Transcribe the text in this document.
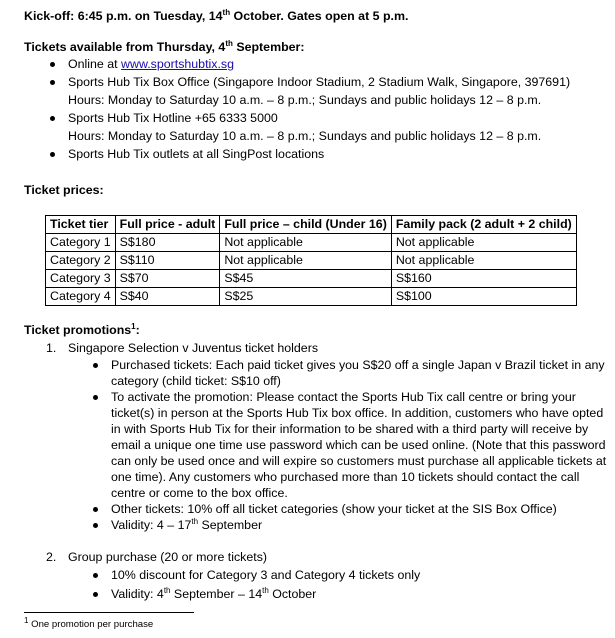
Kick-off: 6:45 p.m. on Tuesday, 14th October. Gates open at 5 p.m.
Tickets available from Thursday, 4th September:
Online at www.sportshubtix.sg
Sports Hub Tix Box Office (Singapore Indoor Stadium, 2 Stadium Walk, Singapore, 397691)
Hours: Monday to Saturday 10 a.m. – 8 p.m.; Sundays and public holidays 12 – 8 p.m.
Sports Hub Tix Hotline +65 6333 5000
Hours: Monday to Saturday 10 a.m. – 8 p.m.; Sundays and public holidays 12 – 8 p.m.
Sports Hub Tix outlets at all SingPost locations
Ticket prices:
Ticket tier	Full price - adult	Full price – child (Under 16)	Family pack (2 adult + 2 child)
Category 1	S$180	Not applicable	Not applicable
Category 2	S$110	Not applicable	Not applicable
Category 3	S$70	S$45	S$160
Category 4	S$40	S$25	S$100
Ticket promotions$^1$:
1. Singapore Selection v Juventus ticket holders
Purchased tickets: Each paid ticket gives you S$20 off a single Japan v Brazil ticket in any
category (child ticket: S$10 off)
To activate the promotion: Please contact the Sports Hub Tix call centre or bring your
ticket(s) in person at the Sports Hub Tix box office. In addition, customers who have opted
in with Sports Hub Tix for their information to be shared with a third party will receive by
email a unique one time use password which can be used online. (Note that this password
can only be used once and will expire so customers must purchase all applicable tickets at
one time). Any customers who purchased more than 10 tickets should contact the call
centre or come to the box office.
Other tickets: 10% off all ticket categories (show your ticket at the SIS Box Office)
Validity: 4 – 17th September
2. Group purchase (20 or more tickets)
10% discount for Category 3 and Category 4 tickets only
Validity: 4th September – 14th October
$^1$ One promotion per purchase
